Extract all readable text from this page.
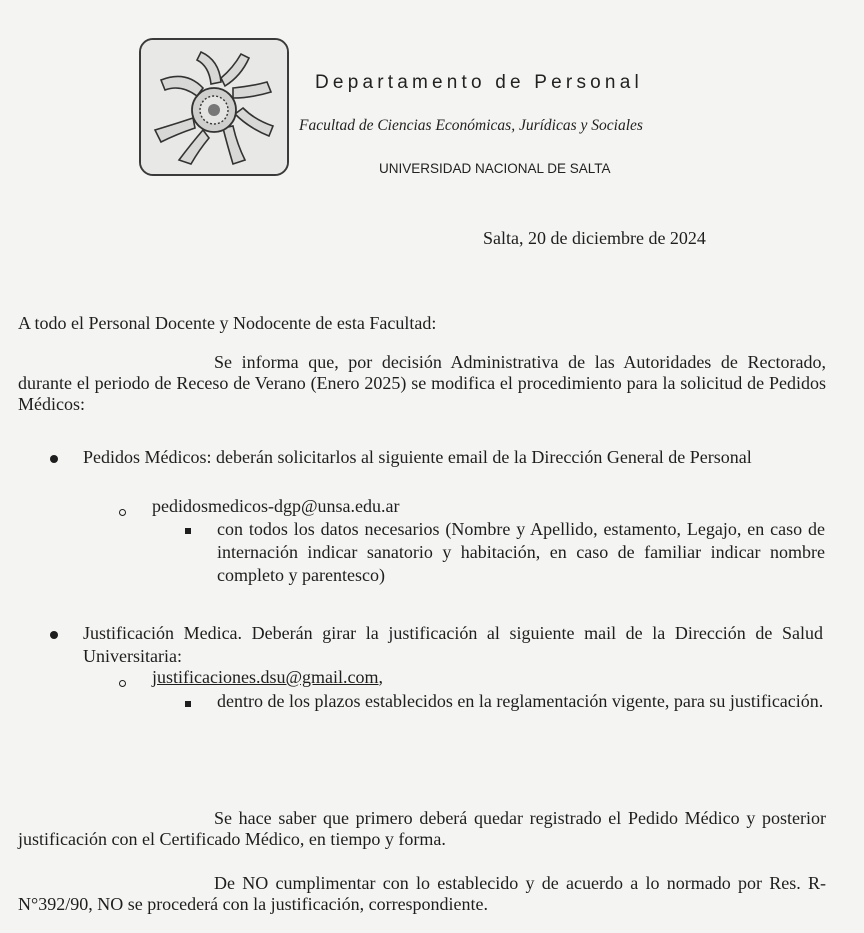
Departamento de Personal
Facultad de Ciencias Económicas, Jurídicas y Sociales
UNIVERSIDAD NACIONAL DE SALTA
Salta, 20 de diciembre de 2024
A todo el Personal Docente y Nodocente de esta Facultad:
Se informa que, por decisión Administrativa de las Autoridades de Rectorado, durante el periodo de Receso de Verano (Enero 2025) se modifica el procedimiento para la solicitud de Pedidos Médicos:
Pedidos Médicos: deberán solicitarlos al siguiente email de la Dirección General de Personal
pedidosmedicos-dgp@unsa.edu.ar
con todos los datos necesarios (Nombre y Apellido, estamento, Legajo, en caso de internación indicar sanatorio y habitación, en caso de familiar indicar nombre completo y parentesco)
Justificación Medica. Deberán girar la justificación al siguiente mail de la Dirección de Salud Universitaria:
justificaciones.dsu@gmail.com,
dentro de los plazos establecidos en la reglamentación vigente, para su justificación.
Se hace saber que primero deberá quedar registrado el Pedido Médico y posterior justificación con el Certificado Médico, en tiempo y forma.
De NO cumplimentar con lo establecido y de acuerdo a lo normado por Res. R-N°392/90, NO se procederá con la justificación, correspondiente.
